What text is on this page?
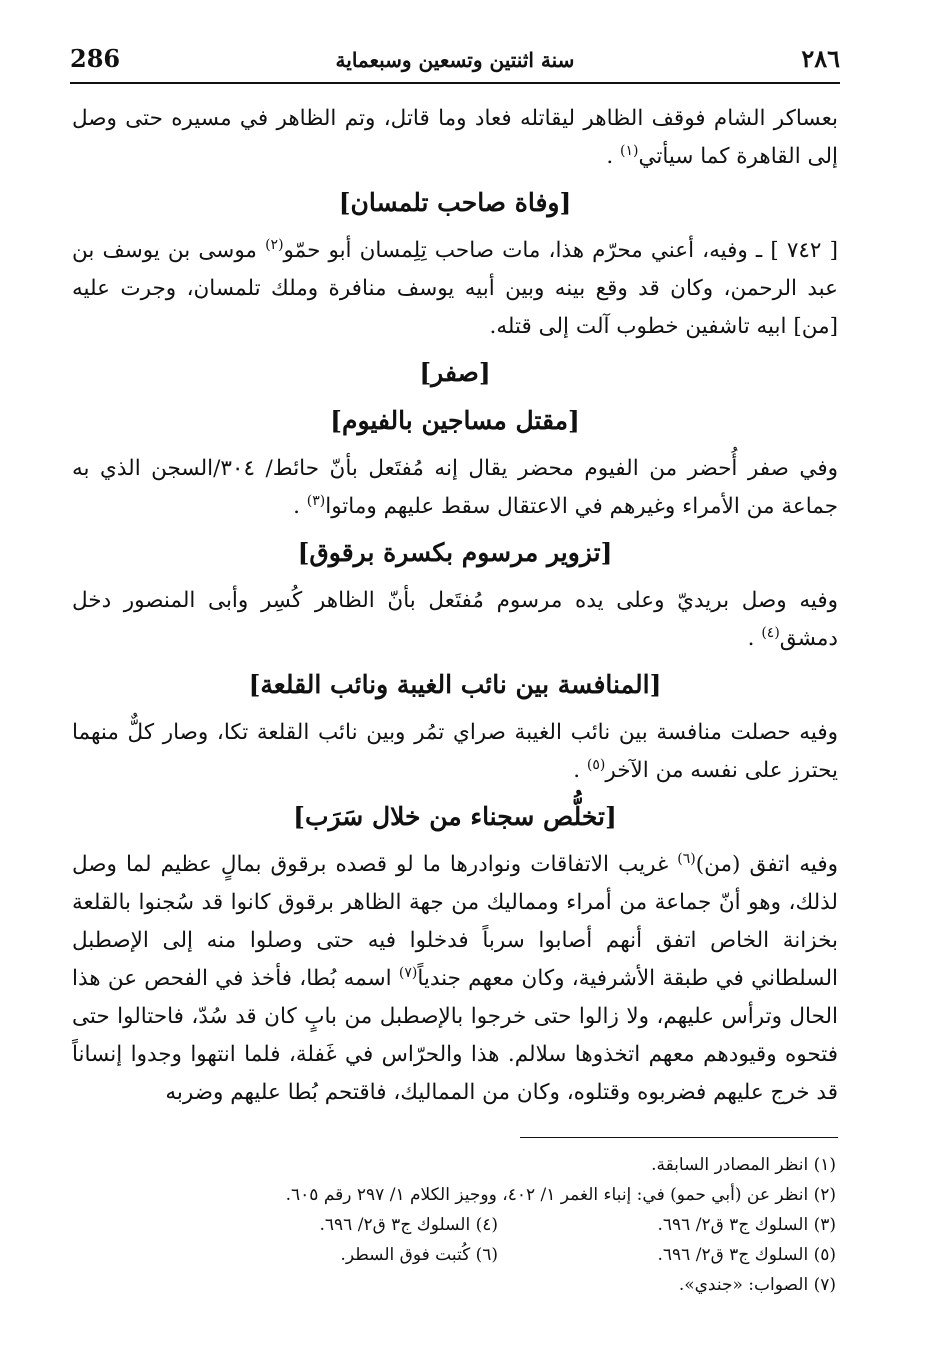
286	سنة اثنتين وتسعين وسبعماية	٢٨٦

بعساكر الشام فوقف الظاهر ليقاتله فعاد وما قاتل، وتم الظاهر في مسيره حتى وصل إلى القاهرة كما سيأتي$^{(١)}$ .

[وفاة صاحب تلمسان]

[ ٧٤٢ ] ـ وفيه، أعني محرّم هذا، مات صاحب تِلِمسان أبو حمّو$^{(٢)}$ موسى بن يوسف بن عبد الرحمن، وكان قد وقع بينه وبين أبيه يوسف منافرة وملك تلمسان، وجرت عليه [من] ابيه تاشفين خطوب آلت إلى قتله.

[صفر]
[مقتل مساجين بالفيوم]

وفي صفر أُحضر من الفيوم محضر يقال إنه مُفتَعل بأنّ حائط/ ٣٠٤/السجن الذي به جماعة من الأمراء وغيرهم في الاعتقال سقط عليهم وماتوا$^{(٣)}$ .

[تزوير مرسوم بكسرة برقوق]

وفيه وصل بريديّ وعلى يده مرسوم مُفتَعل بأنّ الظاهر كُسِر وأبى المنصور دخل دمشق$^{(٤)}$ .

[المنافسة بين نائب الغيبة ونائب القلعة]

وفيه حصلت منافسة بين نائب الغيبة صراي تمُر وبين نائب القلعة تكا، وصار كلٌّ منهما يحترز على نفسه من الآخر$^{(٥)}$ .

[تخلُّص سجناء من خلال سَرَب]

وفيه اتفق (من)$^{(٦)}$ غريب الاتفاقات ونوادرها ما لو قصده برقوق بمالٍ عظيم لما وصل لذلك، وهو أنّ جماعة من أمراء ومماليك من جهة الظاهر برقوق كانوا قد سُجنوا بالقلعة بخزانة الخاص اتفق أنهم أصابوا سرباً فدخلوا فيه حتى وصلوا منه إلى الإصطبل السلطاني في طبقة الأشرفية، وكان معهم جندياً$^{(٧)}$ اسمه بُطا، فأخذ في الفحص عن هذا الحال وترأس عليهم، ولا زالوا حتى خرجوا بالإصطبل من بابٍ كان قد سُدّ، فاحتالوا حتى فتحوه وقيودهم معهم اتخذوها سلالم. هذا والحرّاس في غَفلة، فلما انتهوا وجدوا إنساناً قد خرج عليهم فضربوه وقتلوه، وكان من المماليك، فاقتحم بُطا عليهم وضربه

(١) انظر المصادر السابقة.
(٢) انظر عن (أبي حمو) في: إنباء الغمر ١/ ٤٠٢، ووجيز الكلام ١/ ٢٩٧ رقم ٦٠٥.
(٣) السلوك ج٣ ق٢/ ٦٩٦.
(٤) السلوك ج٣ ق٢/ ٦٩٦.
(٥) السلوك ج٣ ق٢/ ٦٩٦.
(٦) كُتبت فوق السطر.
(٧) الصواب: «جندي».
